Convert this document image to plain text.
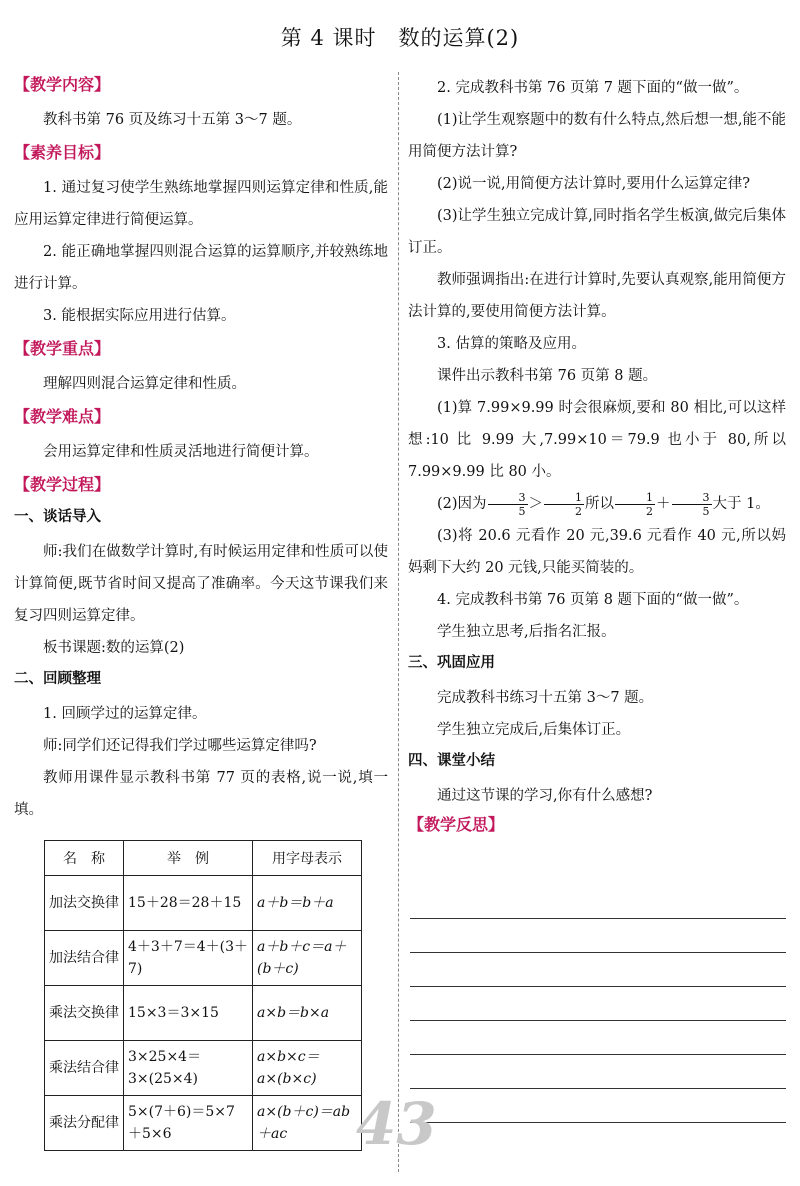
第 4 课时　数的运算(2)
【教学内容】

教科书第 76 页及练习十五第 3～7 题。

【素养目标】

1. 通过复习使学生熟练地掌握四则运算定律和性质,能应用运算定律进行简便运算。

2. 能正确地掌握四则混合运算的运算顺序,并较熟练地进行计算。

3. 能根据实际应用进行估算。

【教学重点】

理解四则混合运算定律和性质。

【教学难点】

会用运算定律和性质灵活地进行简便计算。

【教学过程】
一、谈话导入

师:我们在做数学计算时,有时候运用定律和性质可以使计算简便,既节省时间又提高了准确率。今天这节课我们来复习四则运算定律。

板书课题:数的运算(2)

二、回顾整理

1. 回顾学过的运算定律。

师:同学们还记得我们学过哪些运算定律吗?

教师用课件显示教科书第 77 页的表格,说一说,填一填。

名　称	举　例	用字母表示
加法交换律	15＋28＝28＋15	a＋b＝b＋a
加法结合律	4＋3＋7＝4＋(3＋7)	a＋b＋c＝a＋(b＋c)
乘法交换律	15×3＝3×15	a×b＝b×a
乘法结合律	3×25×4＝3×(25×4)	a×b×c＝a×(b×c)
乘法分配律	5×(7＋6)＝5×7＋5×6	a×(b＋c)＝ab＋ac

2. 完成教科书第 76 页第 7 题下面的“做一做”。

(1)让学生观察题中的数有什么特点,然后想一想,能不能用简便方法计算?

(2)说一说,用简便方法计算时,要用什么运算定律?

(3)让学生独立完成计算,同时指名学生板演,做完后集体订正。

教师强调指出:在进行计算时,先要认真观察,能用简便方法计算的,要使用简便方法计算。

3. 估算的策略及应用。

课件出示教科书第 76 页第 8 题。

(1)算 7.99×9.99 时会很麻烦,要和 80 相比,可以这样想:10 比 9.99 大,7.99×10＝79.9 也小于 80,所以 7.99×9.99 比 80 小。

(2)因为 $\frac{3}{5} > \frac{1}{2}$ 所以 $\frac{1}{2} + \frac{3}{5}$ 大于 1。

(3)将 20.6 元看作 20 元,39.6 元看作 40 元,所以妈妈剩下大约 20 元钱,只能买简装的。

4. 完成教科书第 76 页第 8 题下面的“做一做”。

学生独立思考,后指名汇报。

三、巩固应用

完成教科书练习十五第 3～7 题。

学生独立完成后,后集体订正。

四、课堂小结

通过这节课的学习,你有什么感想?

【教学反思】
43
